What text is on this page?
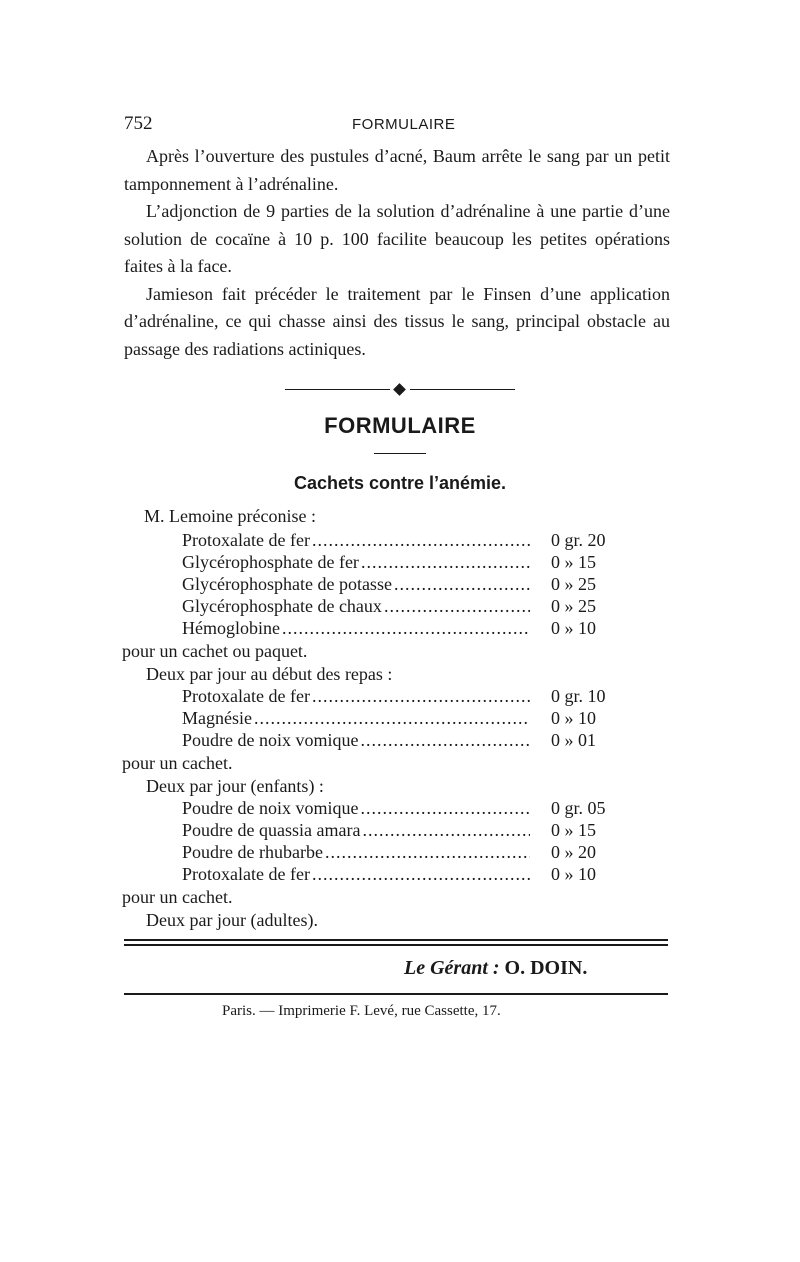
752	FORMULAIRE

Après l’ouverture des pustules d’acné, Baum arrête le sang par un petit tamponnement à l’adrénaline.

L’adjonction de 9 parties de la solution d’adrénaline à une partie d’une solution de cocaïne à 10 p. 100 facilite beaucoup les petites opérations faites à la face.

Jamieson fait précéder le traitement par le Finsen d’une application d’adrénaline, ce qui chasse ainsi des tissus le sang, principal obstacle au passage des radiations actiniques.

FORMULAIRE
Cachets contre l’anémie.
M. Lemoine préconise :
Protoxalate de fer .....	0 gr. 20
Glycérophosphate de fer .....	0 » 15
Glycérophosphate de potasse .....	0 » 25
Glycérophosphate de chaux .....	0 » 25
Hémoglobine .....	0 » 10
pour un cachet ou paquet.
Deux par jour au début des repas :
Protoxalate de fer .....	0 gr. 10
Magnésie .....	0 » 10
Poudre de noix vomique .....	0 » 01
pour un cachet.
Deux par jour (enfants) :
Poudre de noix vomique .....	0 gr. 05
Poudre de quassia amara .....	0 » 15
Poudre de rhubarbe .....	0 » 20
Protoxalate de fer .....	0 » 10
pour un cachet.
Deux par jour (adultes).
Le Gérant : O. DOIN.
Paris. — Imprimerie F. Levé, rue Cassette, 17.
